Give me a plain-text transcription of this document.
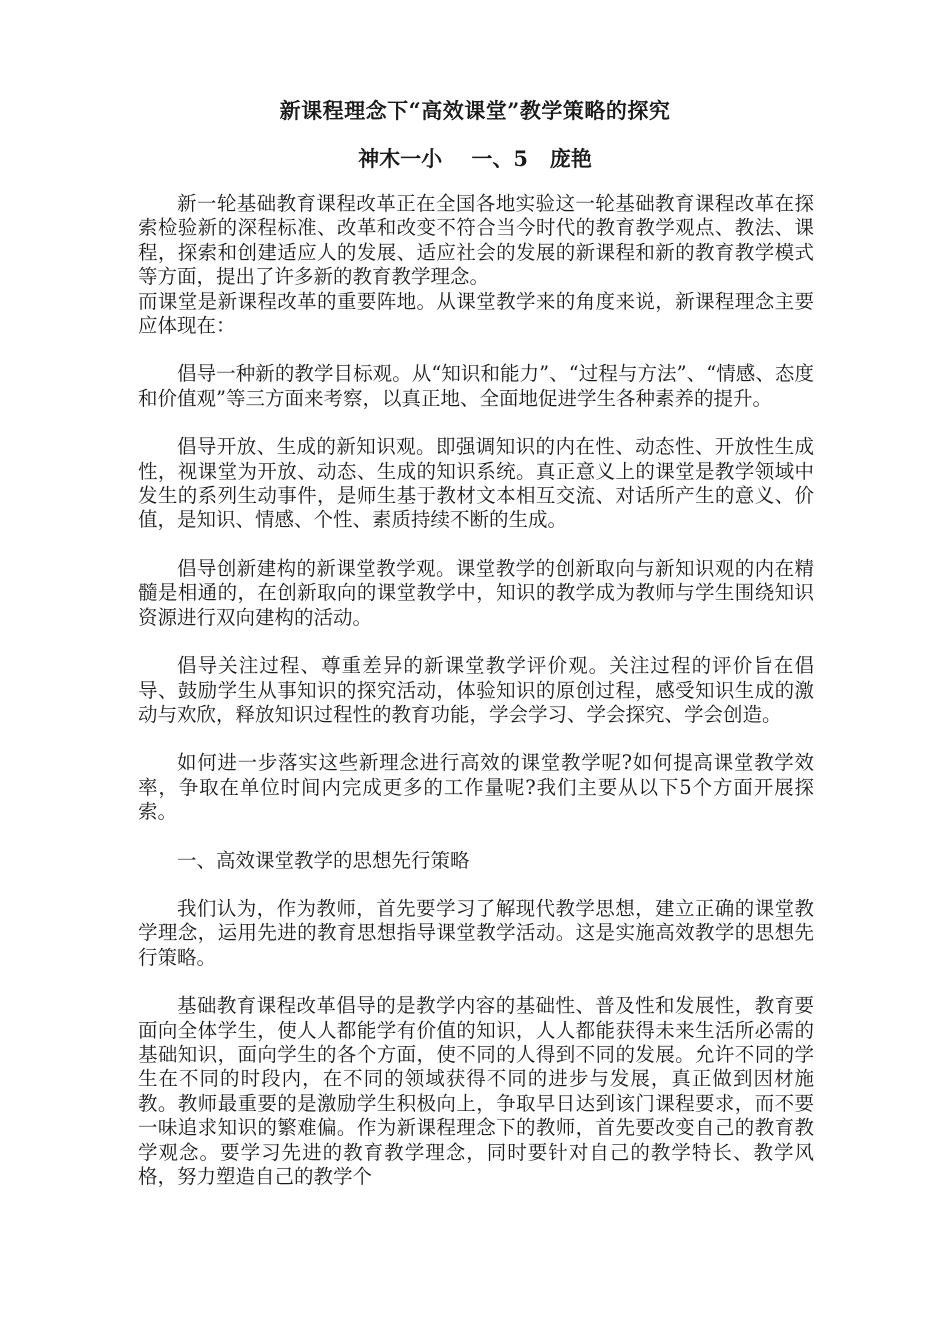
新课程理念下“高效课堂”教学策略的探究
神木一小    一、5   庞艳

新一轮基础教育课程改革正在全国各地实验这一轮基础教育课程改革在探索检验新的深程标准、改革和改变不符合当今时代的教育教学观点、教法、课程，探索和创建适应人的发展、适应社会的发展的新课程和新的教育教学模式等方面，提出了许多新的教育教学理念。

而课堂是新课程改革的重要阵地。从课堂教学来的角度来说，新课程理念主要应体现在：

倡导一种新的教学目标观。从“知识和能力”、“过程与方法”、“情感、态度和价值观”等三方面来考察，以真正地、全面地促进学生各种素养的提升。

倡导开放、生成的新知识观。即强调知识的内在性、动态性、开放性生成性，视课堂为开放、动态、生成的知识系统。真正意义上的课堂是教学领域中发生的系列生动事件，是师生基于教材文本相互交流、对话所产生的意义、价值，是知识、情感、个性、素质持续不断的生成。

倡导创新建构的新课堂教学观。课堂教学的创新取向与新知识观的内在精髓是相通的，在创新取向的课堂教学中，知识的教学成为教师与学生围绕知识资源进行双向建构的活动。

倡导关注过程、尊重差异的新课堂教学评价观。关注过程的评价旨在倡导、鼓励学生从事知识的探究活动，体验知识的原创过程，感受知识生成的激动与欢欣，释放知识过程性的教育功能，学会学习、学会探究、学会创造。

如何进一步落实这些新理念进行高效的课堂教学呢?如何提高课堂教学效率，争取在单位时间内完成更多的工作量呢?我们主要从以下5个方面开展探索。

一、高效课堂教学的思想先行策略

我们认为，作为教师，首先要学习了解现代教学思想，建立正确的课堂教学理念，运用先进的教育思想指导课堂教学活动。这是实施高效教学的思想先行策略。

基础教育课程改革倡导的是教学内容的基础性、普及性和发展性，教育要面向全体学生，使人人都能学有价值的知识，人人都能获得未来生活所必需的基础知识，面向学生的各个方面，使不同的人得到不同的发展。允许不同的学生在不同的时段内，在不同的领域获得不同的进步与发展，真正做到因材施教。教师最重要的是激励学生积极向上，争取早日达到该门课程要求，而不要一味追求知识的繁难偏。作为新课程理念下的教师，首先要改变自己的教育教学观念。要学习先进的教育教学理念，同时要针对自己的教学特长、教学风格，努力塑造自己的教学个
